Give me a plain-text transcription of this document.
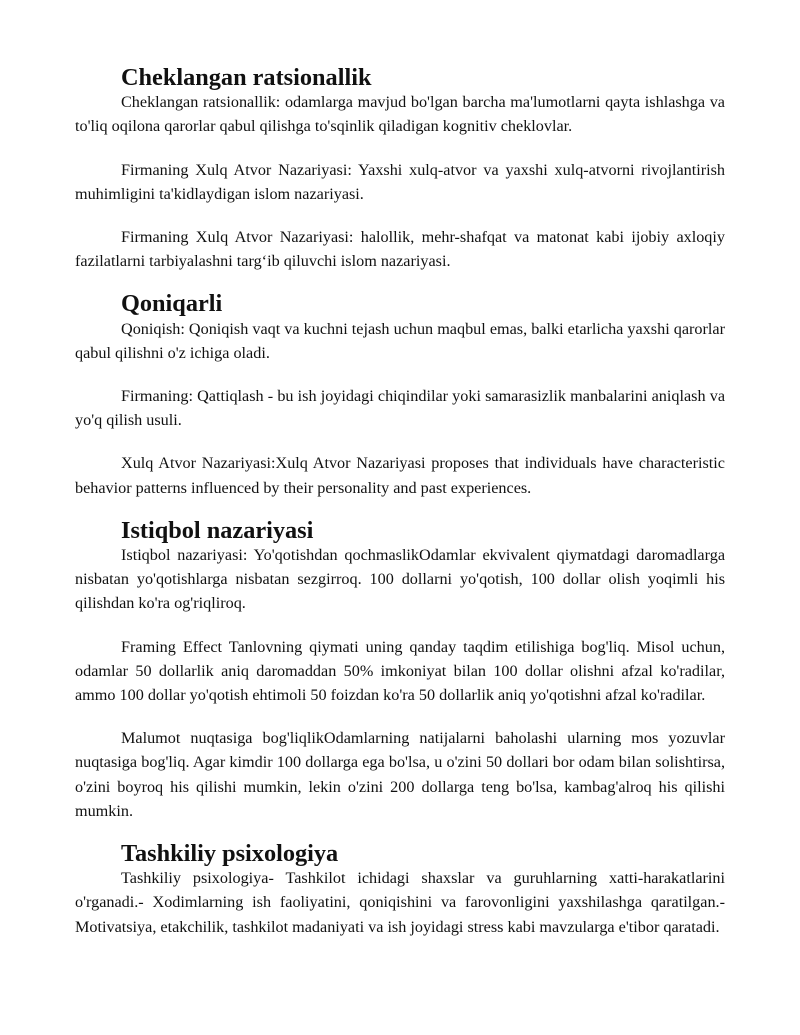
Cheklangan ratsionallik

Cheklangan ratsionallik: odamlarga mavjud bo'lgan barcha ma'lumotlarni qayta ishlashga va to'liq oqilona qarorlar qabul qilishga to'sqinlik qiladigan kognitiv cheklovlar.

Firmaning Xulq Atvor Nazariyasi: Yaxshi xulq-atvor va yaxshi xulq-atvorni rivojlantirish muhimligini ta'kidlaydigan islom nazariyasi.

Firmaning Xulq Atvor Nazariyasi: halollik, mehr-shafqat va matonat kabi ijobiy axloqiy fazilatlarni tarbiyalashni targ‘ib qiluvchi islom nazariyasi.

Qoniqarli

Qoniqish: Qoniqish vaqt va kuchni tejash uchun maqbul emas, balki etarlicha yaxshi qarorlar qabul qilishni o'z ichiga oladi.

Firmaning: Qattiqlash - bu ish joyidagi chiqindilar yoki samarasizlik manbalarini aniqlash va yo'q qilish usuli.

Xulq Atvor Nazariyasi:Xulq Atvor Nazariyasi proposes that individuals have characteristic behavior patterns influenced by their personality and past experiences.

Istiqbol nazariyasi

Istiqbol nazariyasi: Yo'qotishdan qochmaslikOdamlar ekvivalent qiymatdagi daromadlarga nisbatan yo'qotishlarga nisbatan sezgirroq. 100 dollarni yo'qotish, 100 dollar olish yoqimli his qilishdan ko'ra og'riqliroq.

Framing Effect Tanlovning qiymati uning qanday taqdim etilishiga bog'liq. Misol uchun, odamlar 50 dollarlik aniq daromaddan 50% imkoniyat bilan 100 dollar olishni afzal ko'radilar, ammo 100 dollar yo'qotish ehtimoli 50 foizdan ko'ra 50 dollarlik aniq yo'qotishni afzal ko'radilar.

Malumot nuqtasiga bog'liqlikOdamlarning natijalarni baholashi ularning mos yozuvlar nuqtasiga bog'liq. Agar kimdir 100 dollarga ega bo'lsa, u o'zini 50 dollari bor odam bilan solishtirsa, o'zini boyroq his qilishi mumkin, lekin o'zini 200 dollarga teng bo'lsa, kambag'alroq his qilishi mumkin.

Tashkiliy psixologiya

Tashkiliy psixologiya- Tashkilot ichidagi shaxslar va guruhlarning xatti-harakatlarini o'rganadi.- Xodimlarning ish faoliyatini, qoniqishini va farovonligini yaxshilashga qaratilgan.- Motivatsiya, etakchilik, tashkilot madaniyati va ish joyidagi stress kabi mavzularga e'tibor qaratadi.
